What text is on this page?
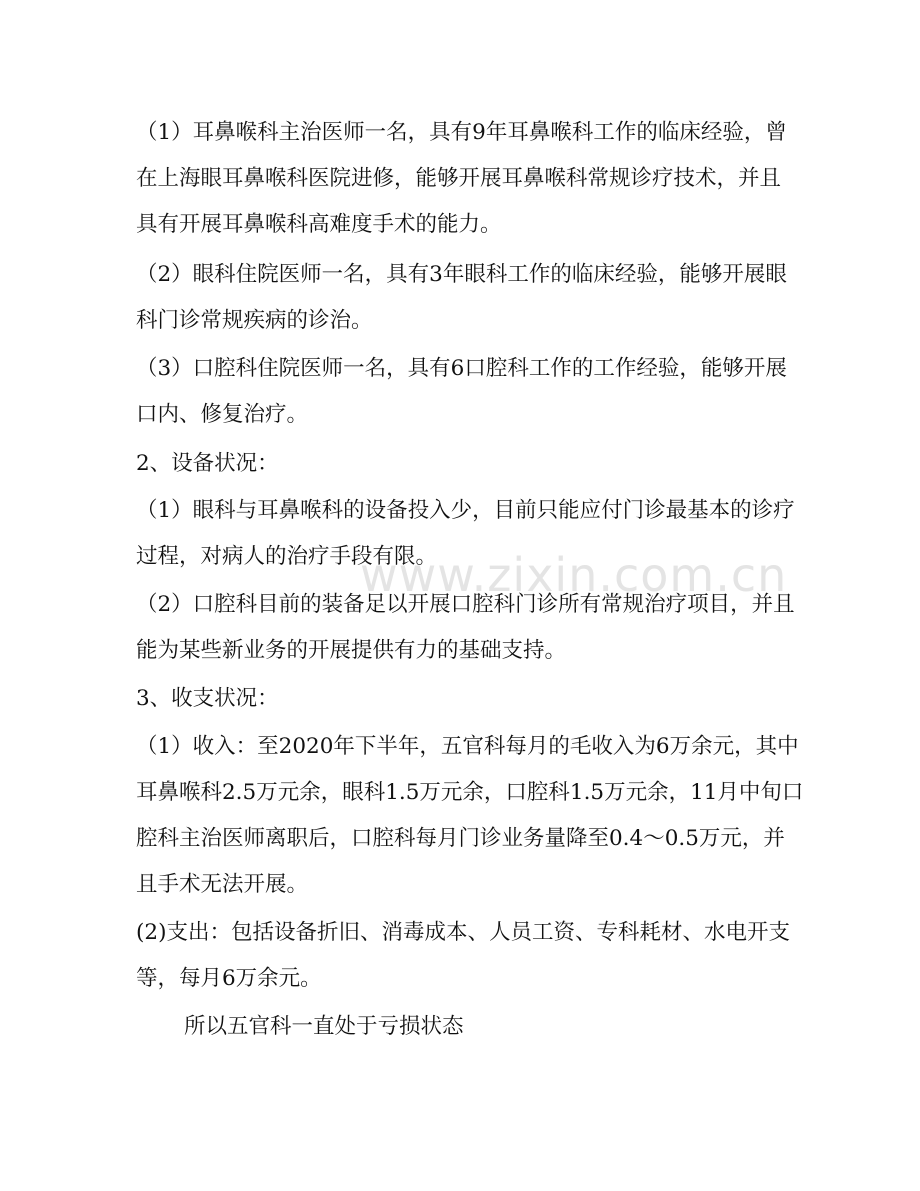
www.zixin.com.cn
（1）耳鼻喉科主治医师一名，具有9年耳鼻喉科工作的临床经验，曾
在上海眼耳鼻喉科医院进修，能够开展耳鼻喉科常规诊疗技术，并且
具有开展耳鼻喉科高难度手术的能力。
（2）眼科住院医师一名，具有3年眼科工作的临床经验，能够开展眼
科门诊常规疾病的诊治。
（3）口腔科住院医师一名，具有6口腔科工作的工作经验，能够开展
口内、修复治疗。
2、设备状况：
（1）眼科与耳鼻喉科的设备投入少，目前只能应付门诊最基本的诊疗
过程，对病人的治疗手段有限。
（2）口腔科目前的装备足以开展口腔科门诊所有常规治疗项目，并且
能为某些新业务的开展提供有力的基础支持。
3、收支状况：
（1）收入：至2020年下半年，五官科每月的毛收入为6万余元，其中
耳鼻喉科2.5万元余，眼科1.5万元余，口腔科1.5万元余，11月中旬口
腔科主治医师离职后，口腔科每月门诊业务量降至0.4～0.5万元，并
且手术无法开展。
(2)支出：包括设备折旧、消毒成本、人员工资、专科耗材、水电开支
等，每月6万余元。
所以五官科一直处于亏损状态
